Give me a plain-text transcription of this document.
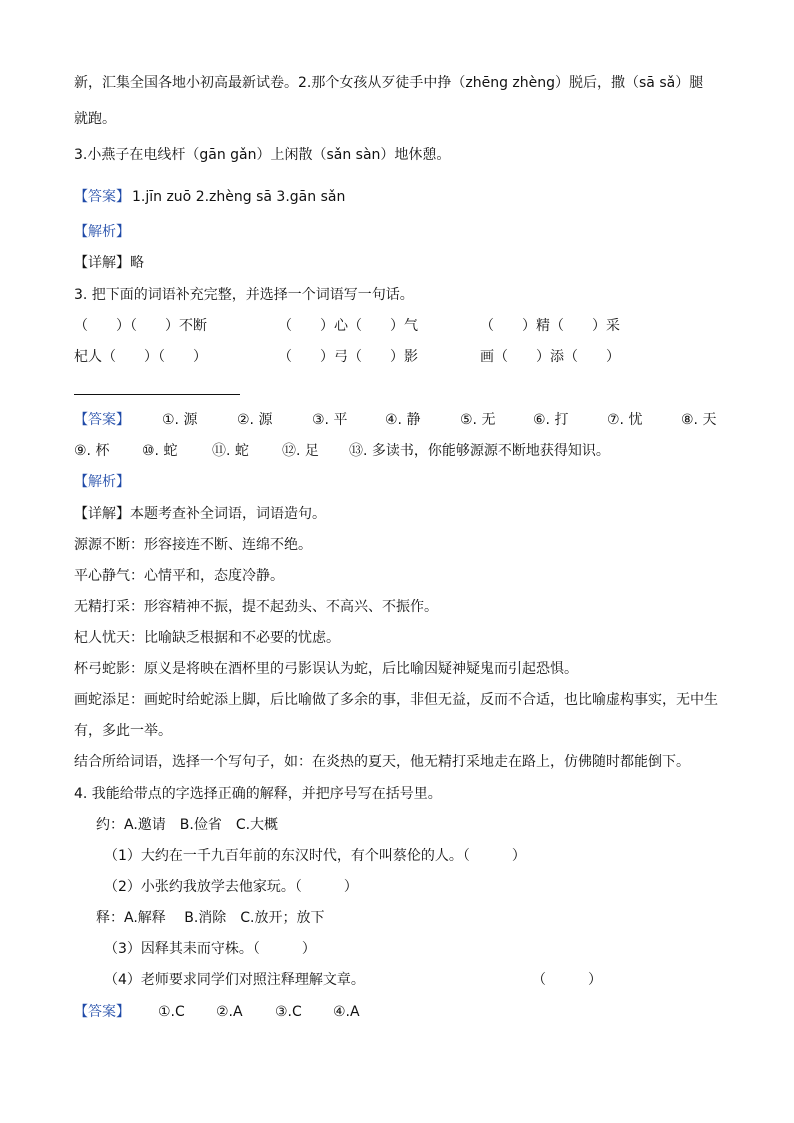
新，汇集全国各地小初高最新试卷。2.那个女孩从歹徒手中挣（zhēng zhèng）脱后，撒（sā sǎ）腿
就跑。
3.小燕子在电线杆（gān gǎn）上闲散（sǎn sàn）地休憩。
【答案】 1.jīn zuō 2.zhèng sā 3.gān sǎn
【解析】
【详解】略
3. 把下面的词语补充完整，并选择一个词语写一句话。
（　　）（　　）不断	（　　）心（　　）气	（　　）精（　　）采
杞人（　　）（　　）	（　　）弓（　　）影	画（　　）添（　　）
【答案】 ①. 源	②. 源	③. 平	④. 静	⑤. 无	⑥. 打	⑦. 忧	⑧. 天
⑨. 杯 ⑩. 蛇 ⑪. 蛇 ⑫. 足 ⑬. 多读书，你能够源源不断地获得知识。
【解析】
【详解】本题考查补全词语，词语造句。
源源不断：形容接连不断、连绵不绝。
平心静气：心情平和，态度冷静。
无精打采：形容精神不振，提不起劲头、不高兴、不振作。
杞人忧天：比喻缺乏根据和不必要的忧虑。
杯弓蛇影：原义是将映在酒杯里的弓影误认为蛇，后比喻因疑神疑鬼而引起恐惧。
画蛇添足：画蛇时给蛇添上脚，后比喻做了多余的事，非但无益，反而不合适，也比喻虚构事实，无中生
有，多此一举。
结合所给词语，选择一个写句子，如：在炎热的夏天，他无精打采地走在路上，仿佛随时都能倒下。
4. 我能给带点的字选择正确的解释，并把序号写在括号里。
约：A.邀请　B.俭省　C.大概
（1）大约在一千九百年前的东汉时代，有个叫蔡伦的人。（　　　）
（2）小张约我放学去他家玩。（　　　）
释：A.解释　 B.消除　C.放开；放下
（3）因释其耒而守株。（　　　）
（4）老师要求同学们对照注释理解文章。	（　　　）
【答案】 ①.C ②.A ③.C ④.A
